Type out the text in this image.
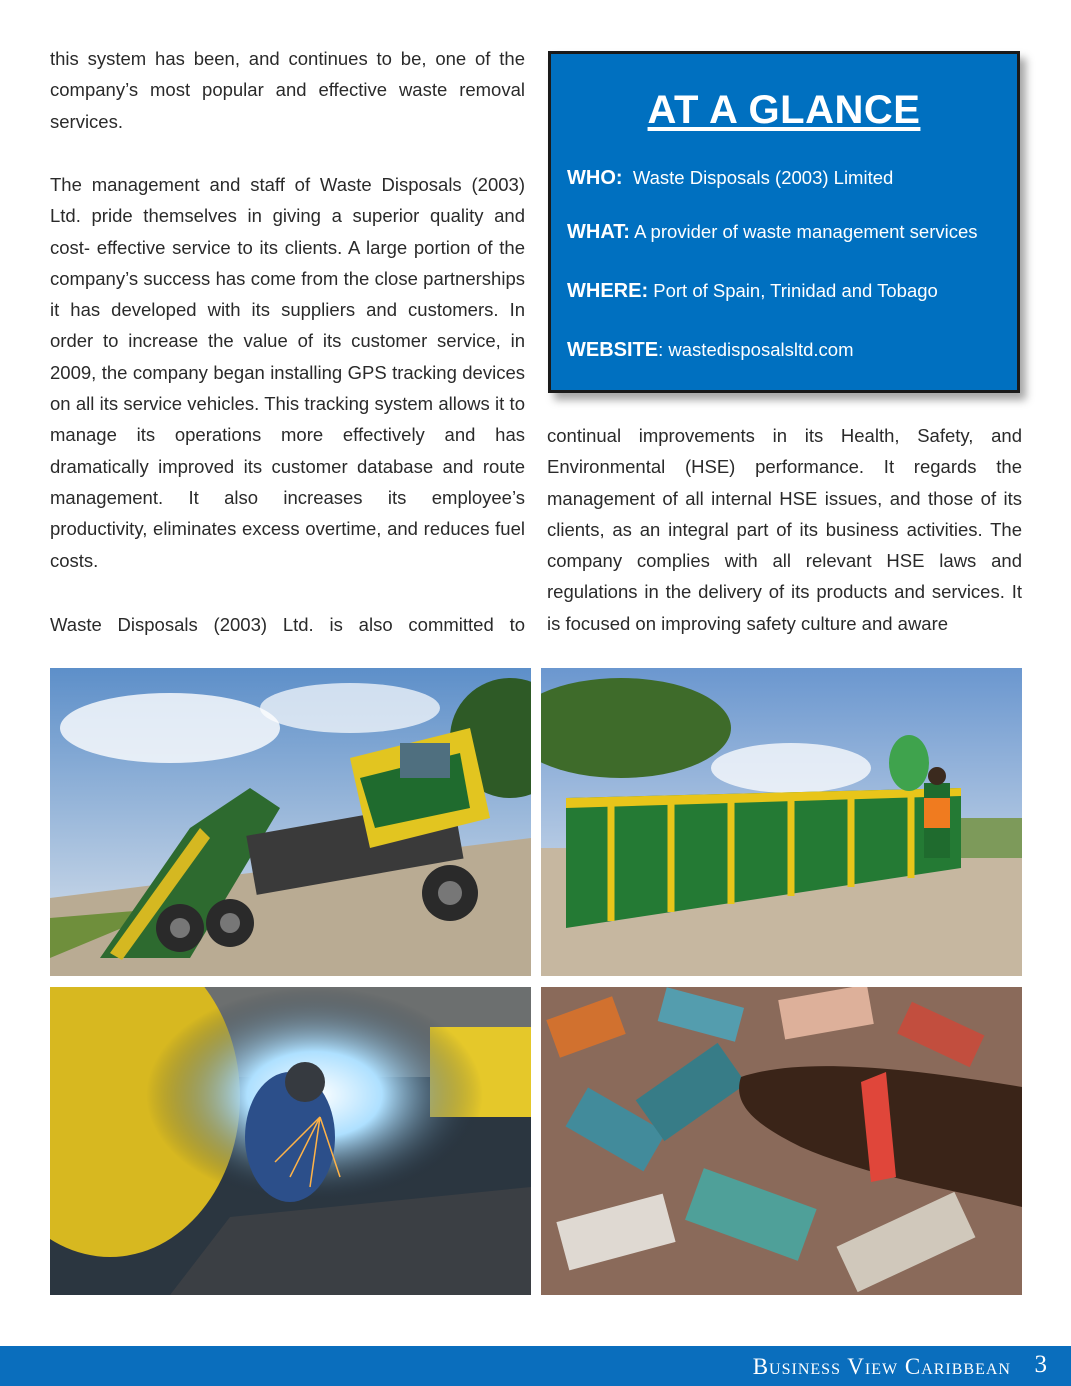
this system has been, and continues to be, one of the company’s most popular and effective waste removal services.

The management and staff of Waste Disposals (2003) Ltd. pride themselves in giving a superior quality and cost- effective service to its clients. A large portion of the company’s success has come from the close partnerships it has developed with its suppliers and customers. In order to increase the value of its customer service, in 2009, the company began installing GPS tracking devices on all its service vehicles. This tracking system allows it to manage its operations more effectively and has dramatically improved its customer database and route management. It also increases its employee’s productivity, eliminates excess overtime, and reduces fuel costs.

Waste Disposals (2003) Ltd. is also committed to

AT A GLANCE
WHO: Waste Disposals (2003) Limited
WHAT: A provider of waste management services
WHERE: Port of Spain, Trinidad and Tobago
WEBSITE: wastedisposalsltd.com

continual improvements in its Health, Safety, and Environmental (HSE) performance. It regards the management of all internal HSE issues, and those of its clients, as an integral part of its business activities. The company complies with all relevant HSE laws and regulations in the delivery of its products and services. It is focused on improving safety culture and aware

Business View Caribbean 3
